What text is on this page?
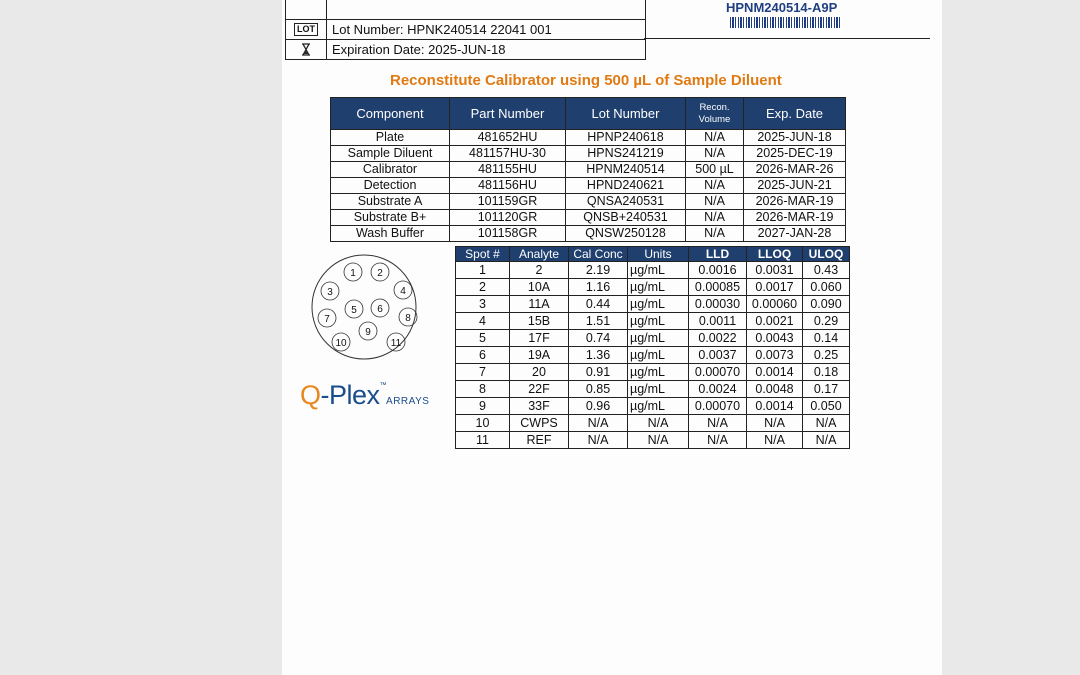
LOT	Lot Number: HPNK240514 22041 001
Expiration Date: 2025-JUN-18
HPNM240514-A9P
Reconstitute Calibrator using 500 µL of Sample Diluent
Component	Part Number	Lot Number	Recon. Volume	Exp. Date
Plate	481652HU	HPNP240618	N/A	2025-JUN-18
Sample Diluent	481157HU-30	HPNS241219	N/A	2025-DEC-19
Calibrator	481155HU	HPNM240514	500 µL	2026-MAR-26
Detection	481156HU	HPND240621	N/A	2025-JUN-21
Substrate A	101159GR	QNSA240531	N/A	2026-MAR-19
Substrate B+	101120GR	QNSB+240531	N/A	2026-MAR-19
Wash Buffer	101158GR	QNSW250128	N/A	2027-JAN-28
1 2
3	4
5 6
7	8
9
10	11
Q-Plex™ARRAYS
Spot #	Analyte	Cal Conc	Units	LLD	LLOQ	ULOQ
1	2	2.19	µg/mL	0.0016	0.0031	0.43
2	10A	1.16	µg/mL	0.00085	0.0017	0.060
3	11A	0.44	µg/mL	0.00030	0.00060	0.090
4	15B	1.51	µg/mL	0.0011	0.0021	0.29
5	17F	0.74	µg/mL	0.0022	0.0043	0.14
6	19A	1.36	µg/mL	0.0037	0.0073	0.25
7	20	0.91	µg/mL	0.00070	0.0014	0.18
8	22F	0.85	µg/mL	0.0024	0.0048	0.17
9	33F	0.96	µg/mL	0.00070	0.0014	0.050
10	CWPS	N/A	N/A	N/A	N/A	N/A
11	REF	N/A	N/A	N/A	N/A	N/A
